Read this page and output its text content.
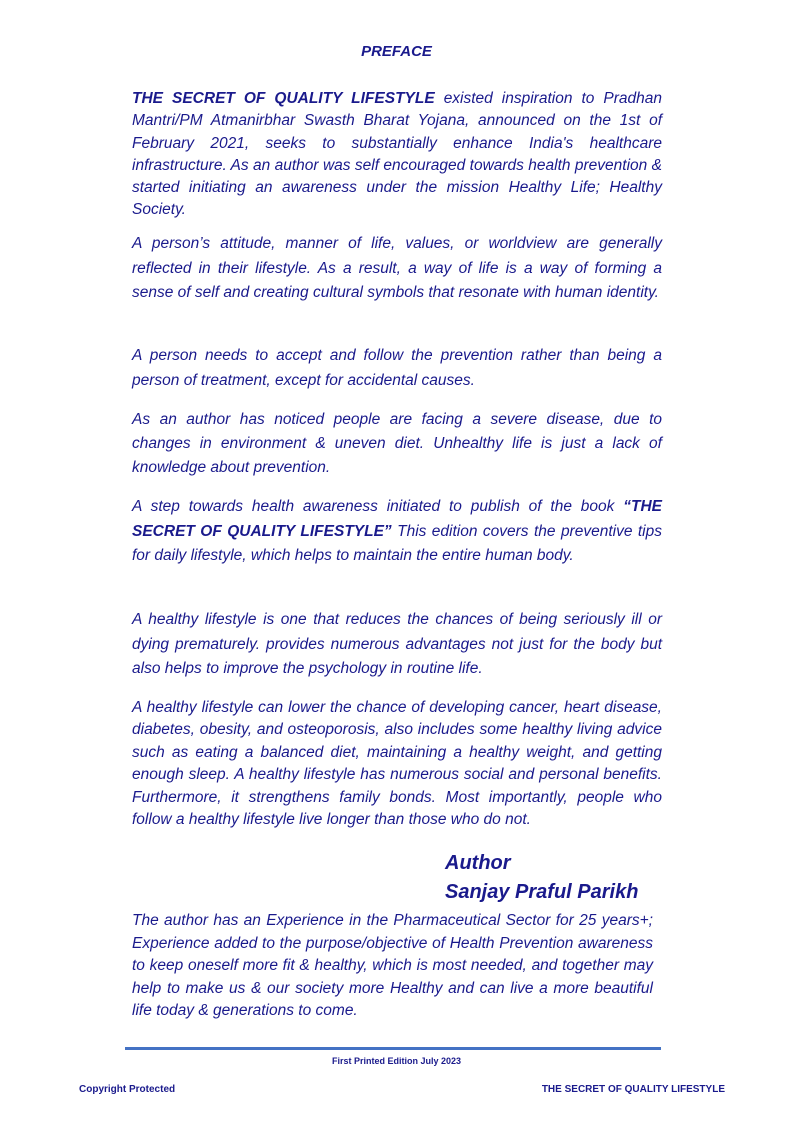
PREFACE
THE SECRET OF QUALITY LIFESTYLE existed inspiration to Pradhan Mantri/PM Atmanirbhar Swasth Bharat Yojana, announced on the 1st of February 2021, seeks to substantially enhance India's healthcare infrastructure. As an author was self encouraged towards health prevention & started initiating an awareness under the mission Healthy Life; Healthy Society.
A person’s attitude, manner of life, values, or worldview are generally reflected in their lifestyle. As a result, a way of life is a way of forming a sense of self and creating cultural symbols that resonate with human identity.
A person needs to accept and follow the prevention rather than being a person of treatment, except for accidental causes.
As an author has noticed people are facing a severe disease, due to changes in environment & uneven diet. Unhealthy life is just a lack of knowledge about prevention.
A step towards health awareness initiated to publish of the book “THE SECRET OF QUALITY LIFESTYLE” This edition covers the preventive tips for daily lifestyle, which helps to maintain the entire human body.
A healthy lifestyle is one that reduces the chances of being seriously ill or dying prematurely. provides numerous advantages not just for the body but also helps to improve the psychology in routine life.
A healthy lifestyle can lower the chance of developing cancer, heart disease, diabetes, obesity, and osteoporosis, also includes some healthy living advice such as eating a balanced diet, maintaining a healthy weight, and getting enough sleep. A healthy lifestyle has numerous social and personal benefits. Furthermore, it strengthens family bonds. Most importantly, people who follow a healthy lifestyle live longer than those who do not.
Author
Sanjay Praful Parikh
The author has an Experience in the Pharmaceutical Sector for 25 years+; Experience added to the purpose/objective of Health Prevention awareness to keep oneself more fit & healthy, which is most needed, and together may help to make us & our society more Healthy and can live a more beautiful life today & generations to come.
First Printed Edition July 2023
Copyright Protected	THE SECRET OF QUALITY LIFESTYLE
